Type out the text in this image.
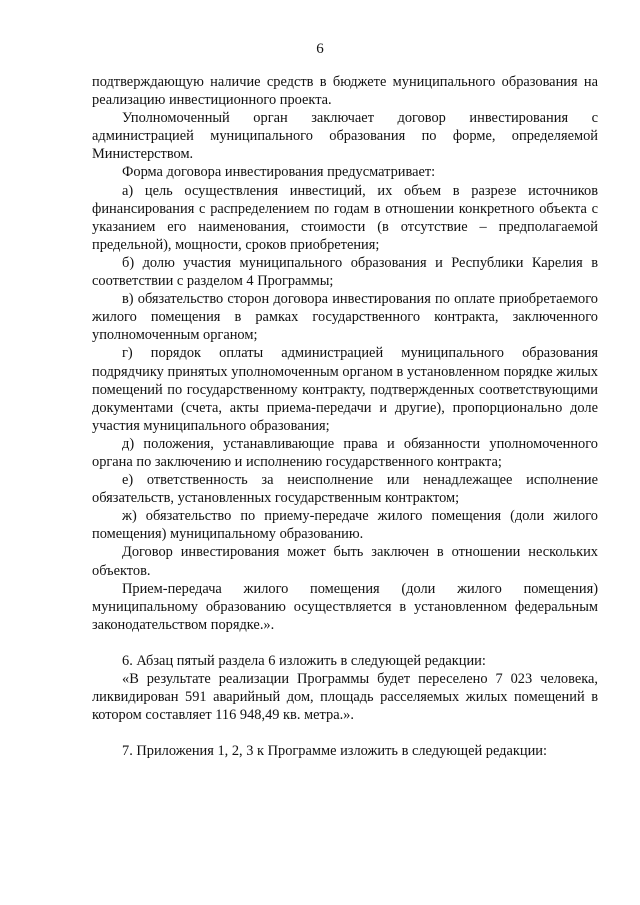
6

подтверждающую наличие средств в бюджете муниципального образования на реализацию инвестиционного проекта.

Уполномоченный орган заключает договор инвестирования с администрацией муниципального образования по форме, определяемой Министерством.

Форма договора инвестирования предусматривает:

а) цель осуществления инвестиций, их объем в разрезе источников финансирования с распределением по годам в отношении конкретного объекта с указанием его наименования, стоимости (в отсутствие – предполагаемой предельной), мощности, сроков приобретения;

б) долю участия муниципального образования и Республики Карелия в соответствии с разделом 4 Программы;

в) обязательство сторон договора инвестирования по оплате приобретаемого жилого помещения в рамках государственного контракта, заключенного уполномоченным органом;

г) порядок оплаты администрацией муниципального образования подрядчику принятых уполномоченным органом в установленном порядке жилых помещений по государственному контракту, подтвержденных соответствующими документами (счета, акты приема-передачи и другие), пропорционально доле участия муниципального образования;

д) положения, устанавливающие права и обязанности уполномоченного органа по заключению и исполнению государственного контракта;

е) ответственность за неисполнение или ненадлежащее исполнение обязательств, установленных государственным контрактом;

ж) обязательство по приему-передаче жилого помещения (доли жилого помещения) муниципальному образованию.

Договор инвестирования может быть заключен в отношении нескольких объектов.

Прием-передача жилого помещения (доли жилого помещения) муниципальному образованию осуществляется в установленном федеральным законодательством порядке.».

6. Абзац пятый раздела 6 изложить в следующей редакции:

«В результате реализации Программы будет переселено 7 023 человека, ликвидирован 591 аварийный дом, площадь расселяемых жилых помещений в котором составляет 116 948,49 кв. метра.».

7. Приложения 1, 2, 3 к Программе изложить в следующей редакции:
